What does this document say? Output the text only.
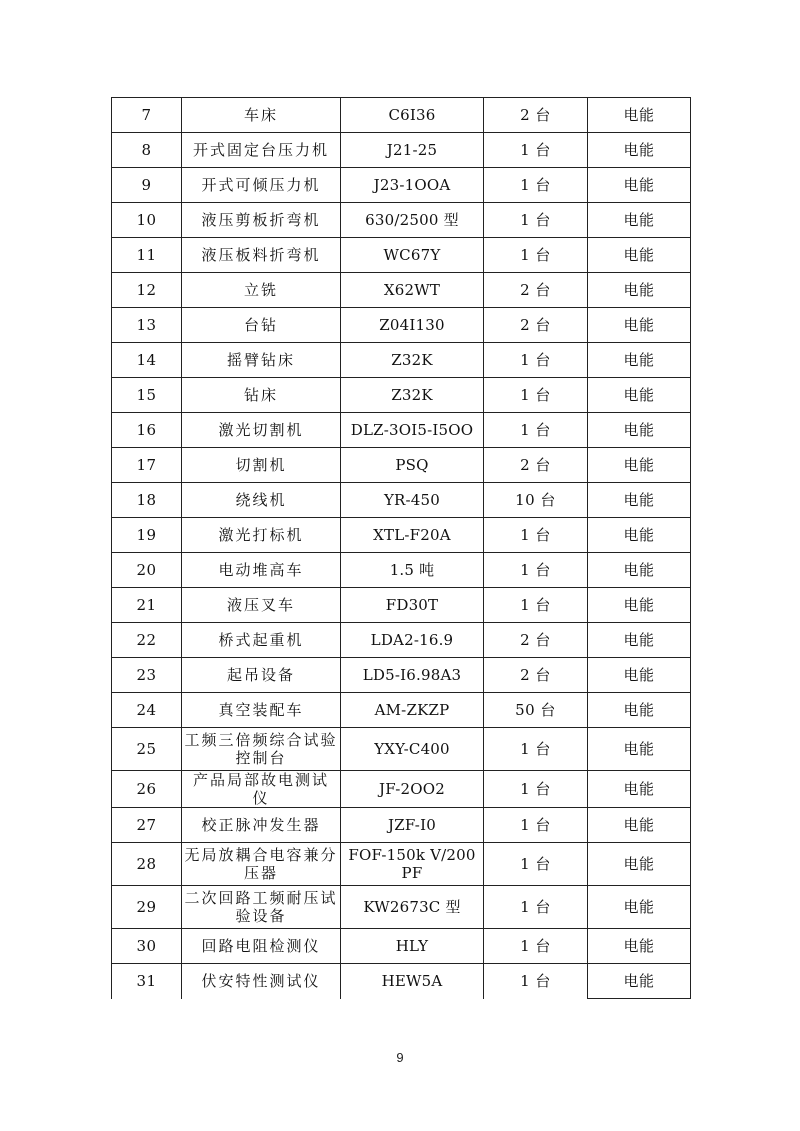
7	车床	C6I36	2 台	电能
8	开式固定台压力机	J21-25	1 台	电能
9	开式可倾压力机	J23-1OOA	1 台	电能
10	液压剪板折弯机	630/2500 型	1 台	电能
11	液压板料折弯机	WC67Y	1 台	电能
12	立铣	X62WT	2 台	电能
13	台钻	Z04I130	2 台	电能
14	摇臂钻床	Z32K	1 台	电能
15	钻床	Z32K	1 台	电能
16	激光切割机	DLZ-3OI5-I5OO	1 台	电能
17	切割机	PSQ	2 台	电能
18	绕线机	YR-450	10 台	电能
19	激光打标机	XTL-F20A	1 台	电能
20	电动堆高车	1.5 吨	1 台	电能
21	液压叉车	FD30T	1 台	电能
22	桥式起重机	LDA2-16.9	2 台	电能
23	起吊设备	LD5-I6.98A3	2 台	电能
24	真空装配车	AM-ZKZP	50 台	电能
25	工频三倍频综合试验控制台	YXY-C400	1 台	电能
26	产品局部故电测试 仪	JF-2OO2	1 台	电能
27	校正脉冲发生器	JZF-I0	1 台	电能
28	无局放耦合电容兼分压器	FOF-150k V/200 PF	1 台	电能
29	二次回路工频耐压试验设备	KW2673C 型	1 台	电能
30	回路电阻检测仪	HLY	1 台	电能
31	伏安特性测试仪	HEW5A	1 台	电能
9
